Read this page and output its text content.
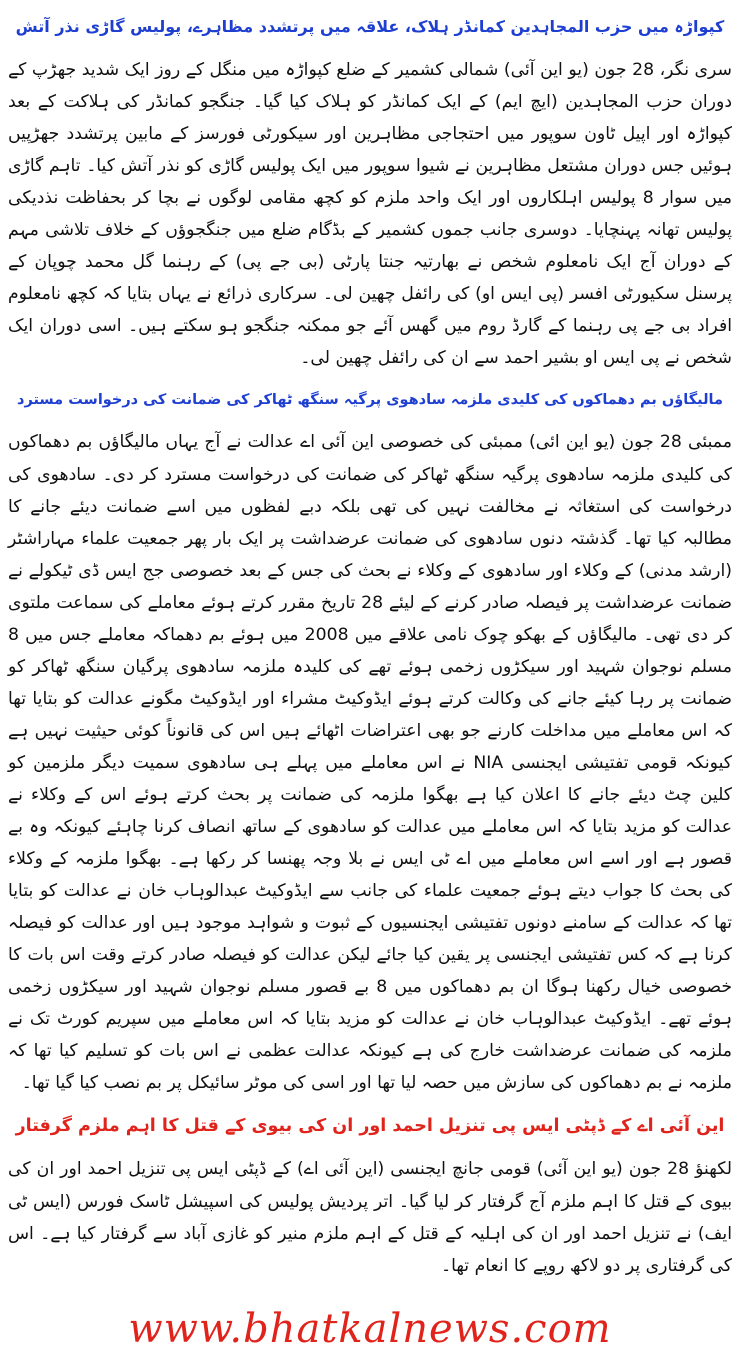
کپواڑہ میں حزب المجاہدین کمانڈر ہلاک، علاقہ میں پرتشدد مظاہرے، پولیس گاڑی نذر آتش

سری نگر، 28 جون (یو این آئی) شمالی کشمیر کے ضلع کپواڑہ میں منگل کے روز ایک شدید جھڑپ کے دوران حزب المجاہدین (ایچ ایم) کے ایک کمانڈر کو ہلاک کیا گیا۔ جنگجو کمانڈر کی ہلاکت کے بعد کپواڑہ اور اپیل ٹاون سوپور میں احتجاجی مظاہرین اور سیکورٹی فورسز کے مابین پرتشدد جھڑپیں ہوئیں جس دوران مشتعل مظاہرین نے شیوا سوپور میں ایک پولیس گاڑی کو نذر آتش کیا۔ تاہم گاڑی میں سوار 8 پولیس اہلکاروں اور ایک واحد ملزم کو کچھ مقامی لوگوں نے بچا کر بحفاظت نذدیکی پولیس تھانہ پہنچایا۔ دوسری جانب جموں کشمیر کے بڈگام ضلع میں جنگجوؤں کے خلاف تلاشی مہم کے دوران آج ایک نامعلوم شخص نے بھارتیہ جنتا پارٹی (بی جے پی) کے رہنما گل محمد چوپان کے پرسنل سکیورٹی افسر (پی ایس او) کی رائفل چھین لی۔ سرکاری ذرائع نے یہاں بتایا کہ کچھ نامعلوم افراد بی جے پی رہنما کے گارڈ روم میں گھس آئے جو ممکنہ جنگجو ہو سکتے ہیں۔ اسی دوران ایک شخص نے پی ایس او بشیر احمد سے ان کی رائفل چھین لی۔

مالیگاؤں بم دھماکوں کی کلیدی ملزمہ سادھوی پرگیہ سنگھ ٹھاکر کی ضمانت کی درخواست مسترد

ممبئی 28 جون (یو این ائی) ممبئی کی خصوصی این آئی اے عدالت نے آج یہاں مالیگاؤں بم دھماکوں کی کلیدی ملزمہ سادھوی پرگیہ سنگھ ٹھاکر کی ضمانت کی درخواست مسترد کر دی۔ سادھوی کی درخواست کی استغاثہ نے مخالفت نہیں کی تھی بلکہ دبے لفظوں میں اسے ضمانت دیئے جانے کا مطالبہ کیا تھا۔ گذشتہ دنوں سادھوی کی ضمانت عرضداشت پر ایک بار پھر جمعیت علماء مہاراشٹر (ارشد مدنی) کے وکلاء اور سادھوی کے وکلاء نے بحث کی جس کے بعد خصوصی جج ایس ڈی ٹیکولے نے ضمانت عرضداشت پر فیصلہ صادر کرنے کے لیئے 28 تاریخ مقرر کرتے ہوئے معاملے کی سماعت ملتوی کر دی تھی۔ مالیگاؤں کے بھکو چوک نامی علاقے میں 2008 میں ہوئے بم دھماکہ معاملے جس میں 8 مسلم نوجوان شہید اور سیکڑوں زخمی ہوئے تھے کی کلیدہ ملزمہ سادھوی پرگیان سنگھ ٹھاکر کو ضمانت پر رہا کیئے جانے کی وکالت کرتے ہوئے ایڈوکیٹ مشراء اور ایڈوکیٹ مگونے عدالت کو بتایا تھا کہ اس معاملے میں مداخلت کارنے جو بھی اعتراضات اٹھائے ہیں اس کی قانوناً کوئی حیثیت نہیں ہے کیونکہ قومی تفتیشی ایجنسی NIA نے اس معاملے میں پہلے ہی سادھوی سمیت دیگر ملزمین کو کلین چٹ دیئے جانے کا اعلان کیا ہے بھگوا ملزمہ کی ضمانت پر بحث کرتے ہوئے اس کے وکلاء نے عدالت کو مزید بتایا کہ اس معاملے میں عدالت کو سادھوی کے ساتھ انصاف کرنا چاہئے کیونکہ وہ بے قصور ہے اور اسے اس معاملے میں اے ٹی ایس نے بلا وجہ پھنسا کر رکھا ہے۔ بھگوا ملزمہ کے وکلاء کی بحث کا جواب دیتے ہوئے جمعیت علماء کی جانب سے ایڈوکیٹ عبدالوہاب خان نے عدالت کو بتایا تھا کہ عدالت کے سامنے دونوں تفتیشی ایجنسیوں کے ثبوت و شواہد موجود ہیں اور عدالت کو فیصلہ کرنا ہے کہ کس تفتیشی ایجنسی پر یقین کیا جائے لیکن عدالت کو فیصلہ صادر کرتے وقت اس بات کا خصوصی خیال رکھنا ہوگا ان بم دھماکوں میں 8 بے قصور مسلم نوجوان شہید اور سیکڑوں زخمی ہوئے تھے۔ ایڈوکیٹ عبدالوہاب خان نے عدالت کو مزید بتایا کہ اس معاملے میں سپریم کورٹ تک نے ملزمہ کی ضمانت عرضداشت خارج کی ہے کیونکہ عدالت عظمی نے اس بات کو تسلیم کیا تھا کہ ملزمہ نے بم دھماکوں کی سازش میں حصہ لیا تھا اور اسی کی موٹر سائیکل پر بم نصب کیا گیا تھا۔

این آئی اے کے ڈپٹی ایس پی تنزیل احمد اور ان کی بیوی کے قتل کا اہم ملزم گرفتار

لکھنؤ 28 جون (یو این آئی) قومی جانچ ایجنسی (این آئی اے) کے ڈپٹی ایس پی تنزیل احمد اور ان کی بیوی کے قتل کا اہم ملزم آج گرفتار کر لیا گیا۔ اتر پردیش پولیس کی اسپیشل ٹاسک فورس (ایس ٹی ایف) نے تنزیل احمد اور ان کی اہلیہ کے قتل کے اہم ملزم منیر کو غازی آباد سے گرفتار کیا ہے۔ اس کی گرفتاری پر دو لاکھ روپے کا انعام تھا۔

www.bhatkalnews.com
